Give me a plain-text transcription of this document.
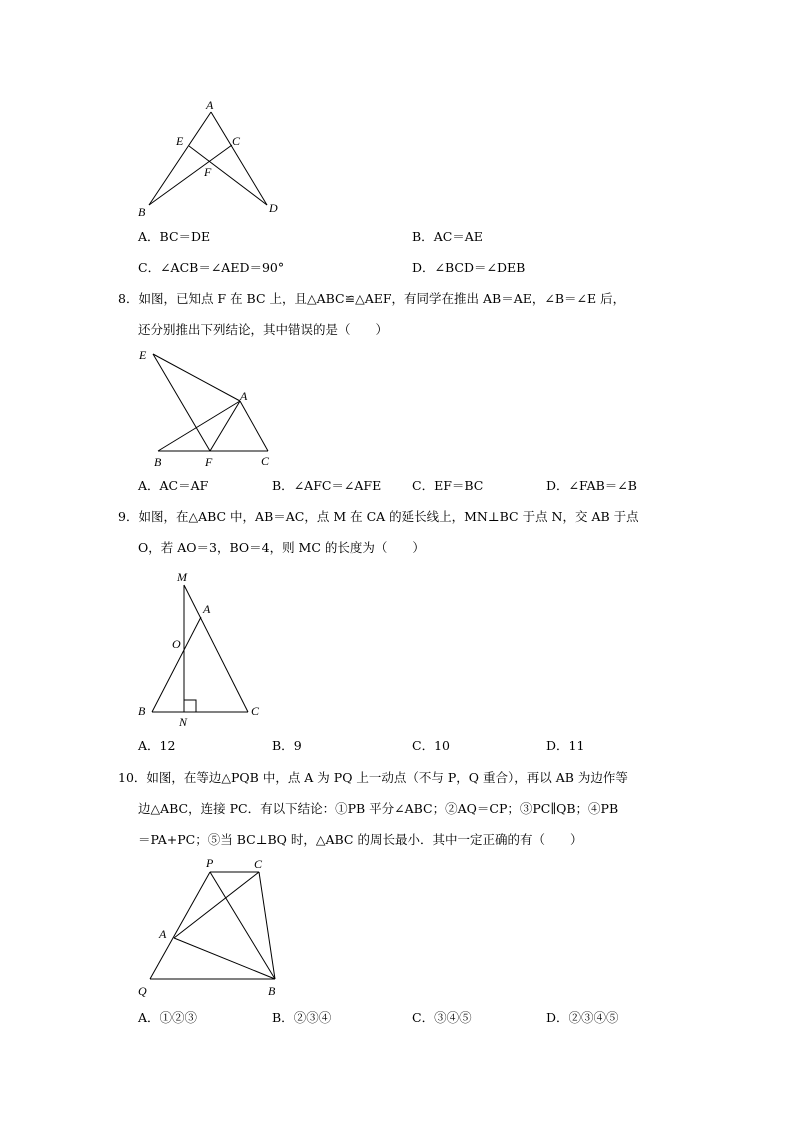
A
E	C
F
B	D
A．BC＝DE	B．AC＝AE
C．∠ACB＝∠AED＝90°	D．∠BCD＝∠DEB
8．如图，已知点 F 在 BC 上，且△ABC≌△AEF，有同学在推出 AB＝AE，∠B＝∠E 后，
还分别推出下列结论，其中错误的是（　　）
E
A
B	F	C
A．AC＝AF	B．∠AFC＝∠AFE C．EF＝BC	D．∠FAB＝∠B
9．如图，在△ABC 中，AB＝AC，点 M 在 CA 的延长线上，MN⊥BC 于点 N，交 AB 于点
O，若 AO＝3，BO＝4，则 MC 的长度为（　　）
M
A
O
B
N
C
A．12	B．9	C．10	D．11
10．如图，在等边△PQB 中，点 A 为 PQ 上一动点（不与 P，Q 重合），再以 AB 为边作等
边△ABC，连接 PC．有以下结论：①PB 平分∠ABC；②AQ＝CP；③PC∥QB；④PB
＝PA+PC；⑤当 BC⊥BQ 时，△ABC 的周长最小．其中一定正确的有（　　）
P	C
A
Q	B
A．①②③	B．②③④	C．③④⑤	D．②③④⑤
